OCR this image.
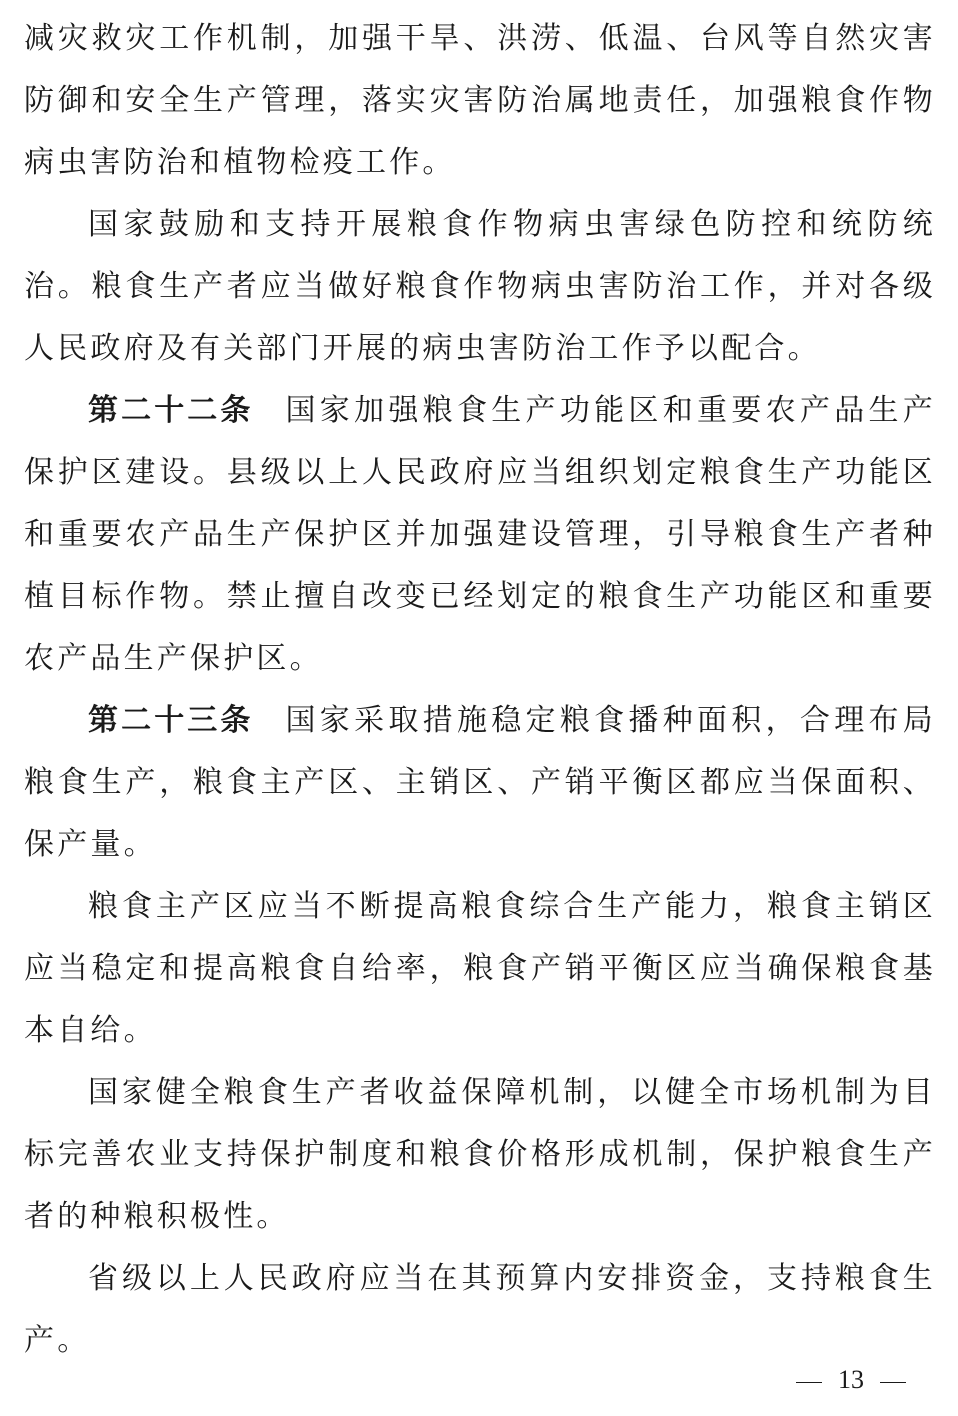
减灾救灾工作机制，加强干旱、洪涝、低温、台风等自然灾害防御和安全生产管理，落实灾害防治属地责任，加强粮食作物病虫害防治和植物检疫工作。

国家鼓励和支持开展粮食作物病虫害绿色防控和统防统治。粮食生产者应当做好粮食作物病虫害防治工作，并对各级人民政府及有关部门开展的病虫害防治工作予以配合。

第二十二条 国家加强粮食生产功能区和重要农产品生产保护区建设。县级以上人民政府应当组织划定粮食生产功能区和重要农产品生产保护区并加强建设管理，引导粮食生产者种植目标作物。禁止擅自改变已经划定的粮食生产功能区和重要农产品生产保护区。

第二十三条 国家采取措施稳定粮食播种面积，合理布局粮食生产，粮食主产区、主销区、产销平衡区都应当保面积、保产量。

粮食主产区应当不断提高粮食综合生产能力，粮食主销区应当稳定和提高粮食自给率，粮食产销平衡区应当确保粮食基本自给。

国家健全粮食生产者收益保障机制，以健全市场机制为目标完善农业支持保护制度和粮食价格形成机制，保护粮食生产者的种粮积极性。

省级以上人民政府应当在其预算内安排资金，支持粮食生产。

13
